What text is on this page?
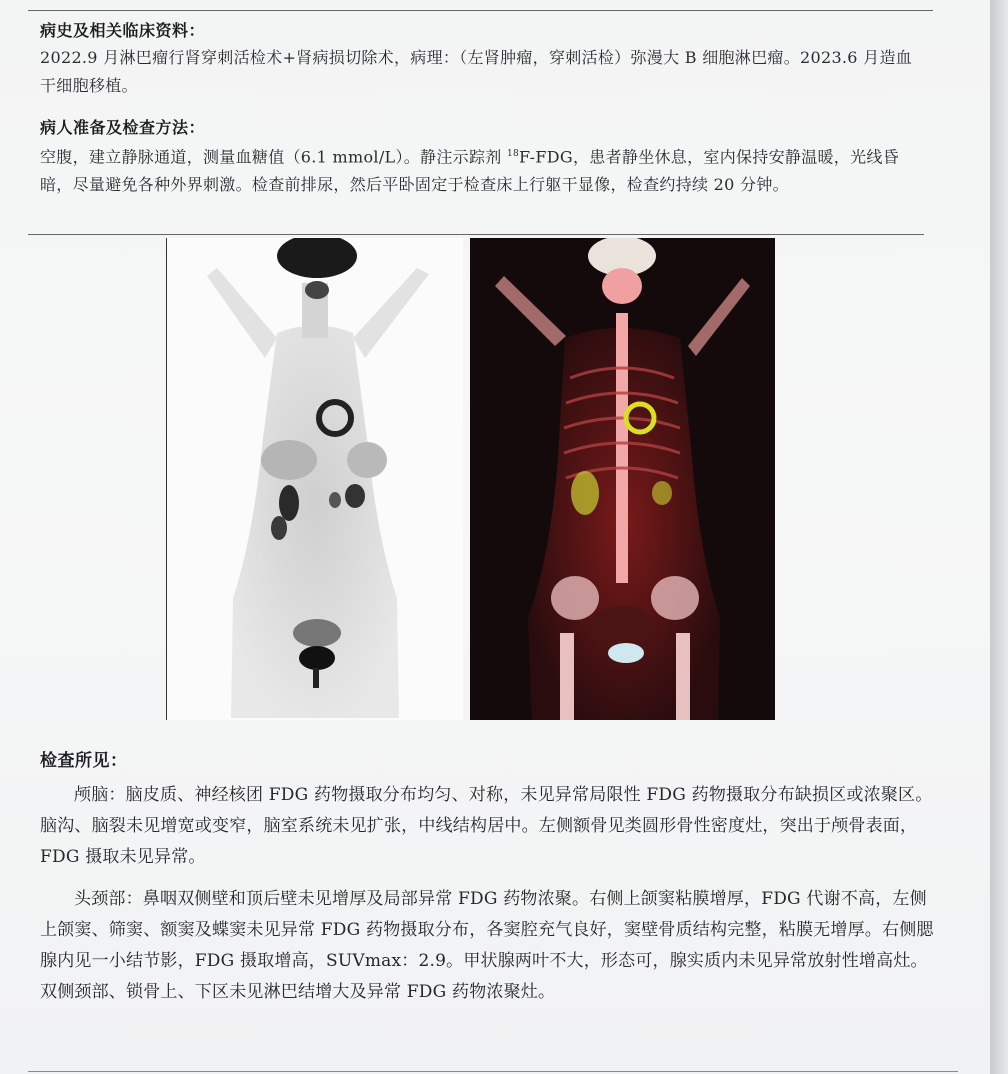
病史及相关临床资料：
2022.9 月淋巴瘤行肾穿刺活检术+肾病损切除术，病理：（左肾肿瘤，穿刺活检）弥漫大 B 细胞淋巴瘤。2023.6 月造血干细胞移植。
病人准备及检查方法：
空腹，建立静脉通道，测量血糖值（6.1 mmol/L）。静注示踪剂 $^{18}$F-FDG，患者静坐休息，室内保持安静温暖，光线昏暗，尽量避免各种外界刺激。检查前排尿，然后平卧固定于检查床上行躯干显像，检查约持续 20 分钟。
检查所见：
颅脑：脑皮质、神经核团 FDG 药物摄取分布均匀、对称，未见异常局限性 FDG 药物摄取分布缺损区或浓聚区。脑沟、脑裂未见增宽或变窄，脑室系统未见扩张，中线结构居中。左侧额骨见类圆形骨性密度灶，突出于颅骨表面，FDG 摄取未见异常。
头颈部：鼻咽双侧壁和顶后壁未见增厚及局部异常 FDG 药物浓聚。右侧上颌窦粘膜增厚，FDG 代谢不高，左侧上颌窦、筛窦、额窦及蝶窦未见异常 FDG 药物摄取分布，各窦腔充气良好，窦壁骨质结构完整，粘膜无增厚。右侧腮腺内见一小结节影，FDG 摄取增高，SUVmax：2.9。甲状腺两叶不大，形态可，腺实质内未见异常放射性增高灶。双侧颈部、锁骨上、下区未见淋巴结增大及异常 FDG 药物浓聚灶。
